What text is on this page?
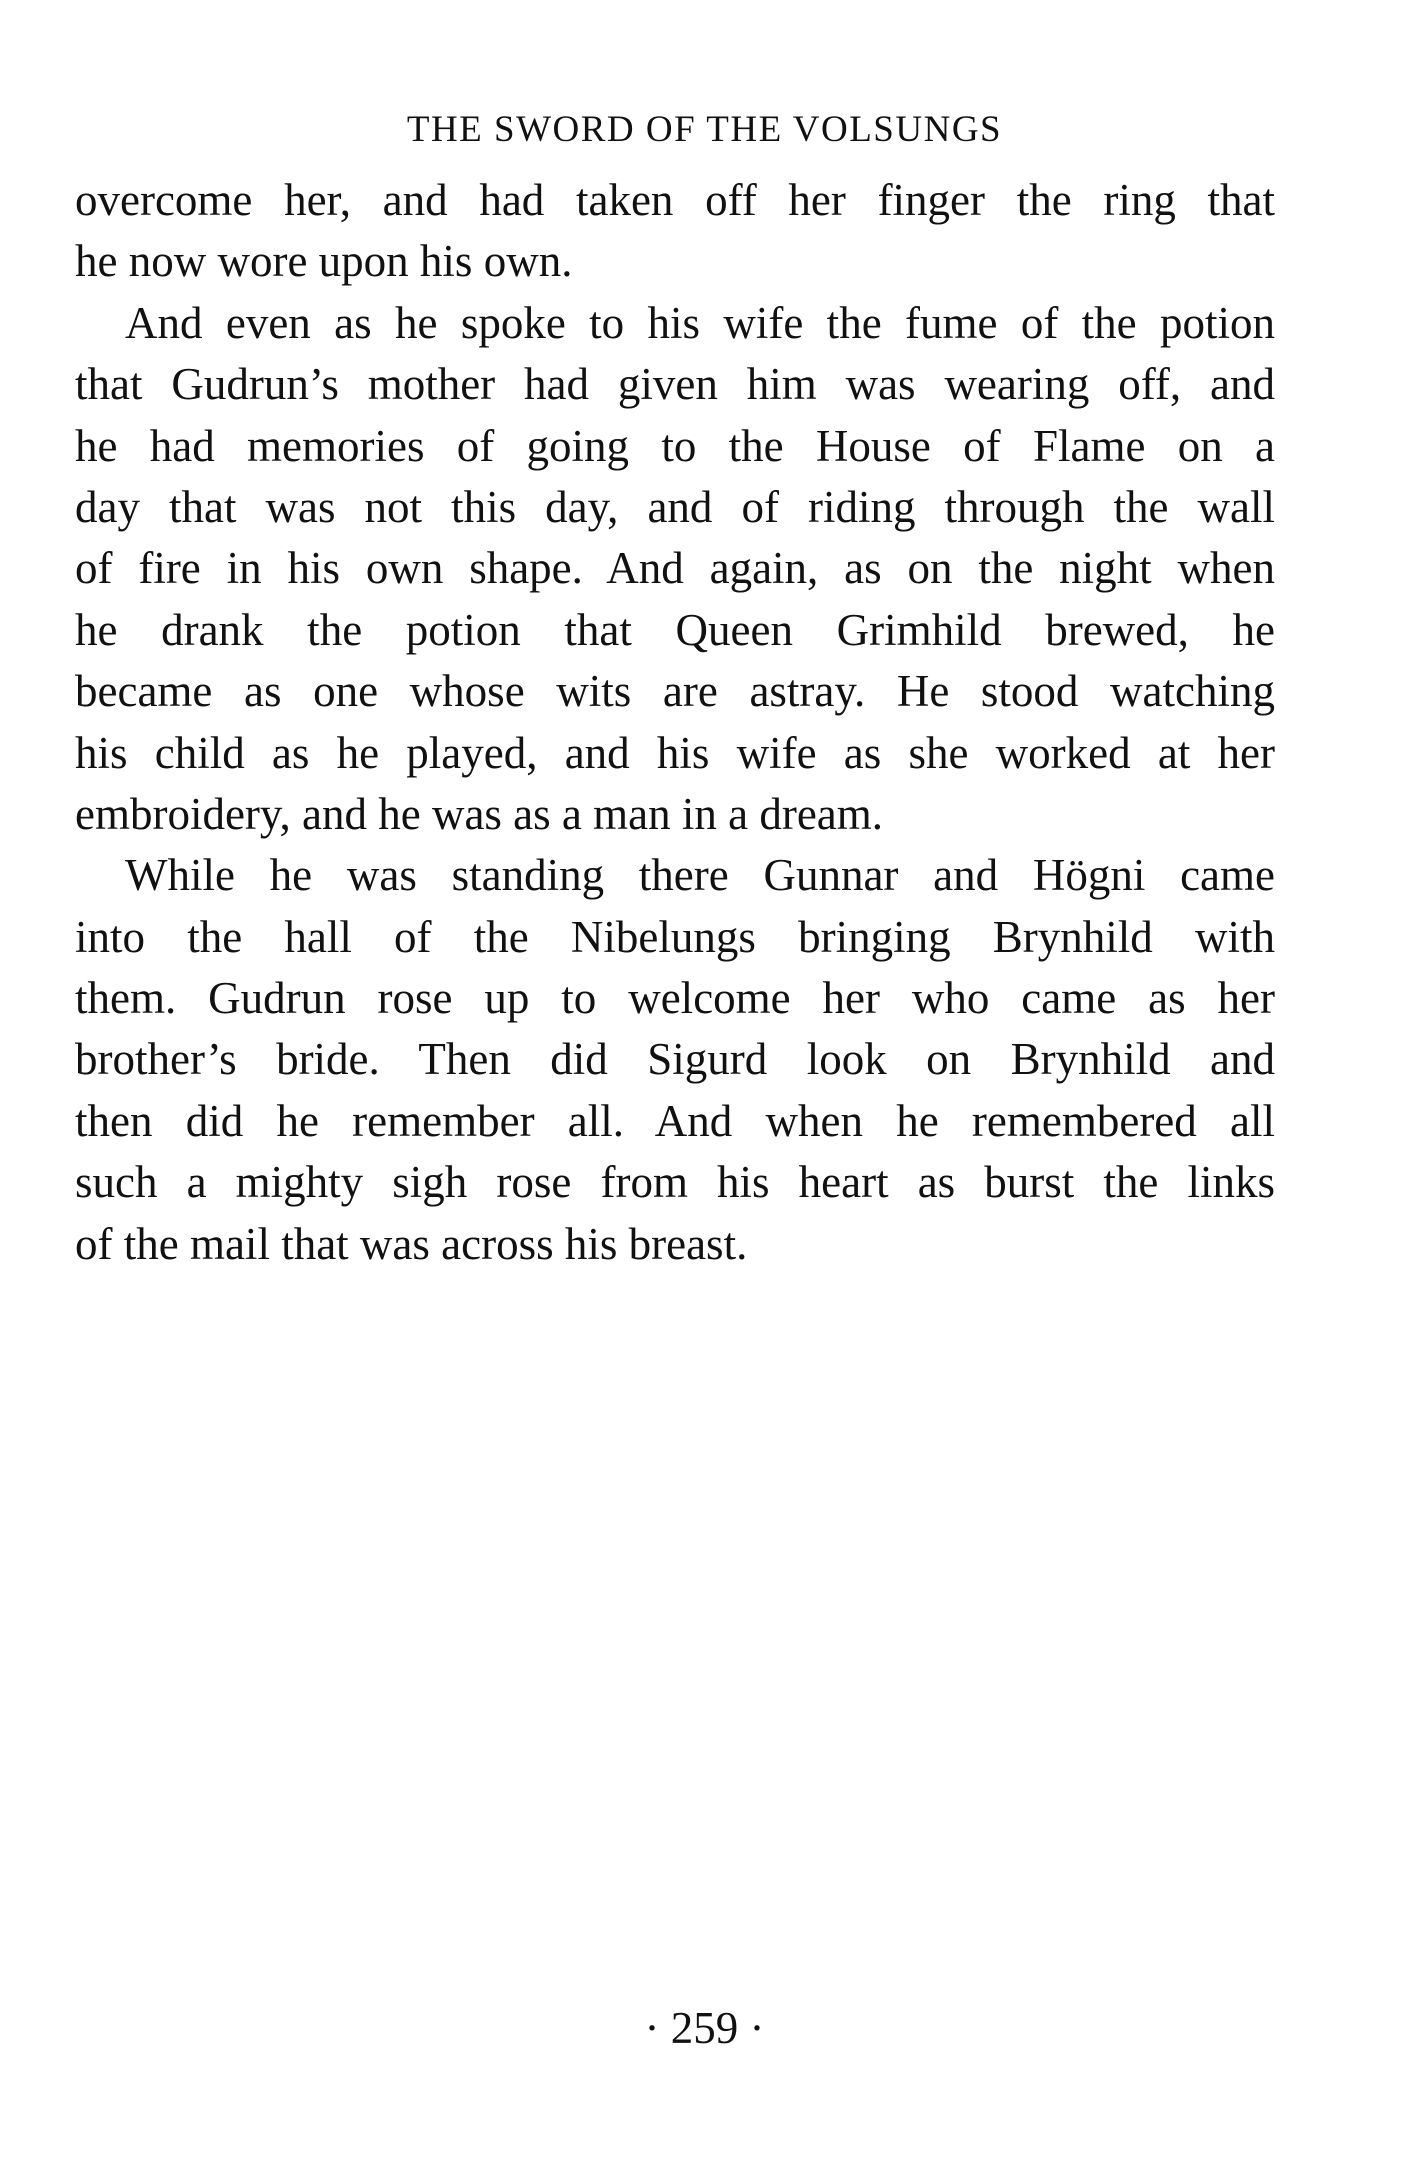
THE SWORD OF THE VOLSUNGS
overcome her, and had taken off her finger the ring that
he now wore upon his own.
And even as he spoke to his wife the fume of the potion
that Gudrun’s mother had given him was wearing off, and
he had memories of going to the House of Flame on a
day that was not this day, and of riding through the wall
of fire in his own shape. And again, as on the night when
he drank the potion that Queen Grimhild brewed, he
became as one whose wits are astray. He stood watching
his child as he played, and his wife as she worked at her
embroidery, and he was as a man in a dream.
While he was standing there Gunnar and Högni came
into the hall of the Nibelungs bringing Brynhild with
them. Gudrun rose up to welcome her who came as her
brother’s bride. Then did Sigurd look on Brynhild and
then did he remember all. And when he remembered all
such a mighty sigh rose from his heart as burst the links
of the mail that was across his breast.
· 259 ·
